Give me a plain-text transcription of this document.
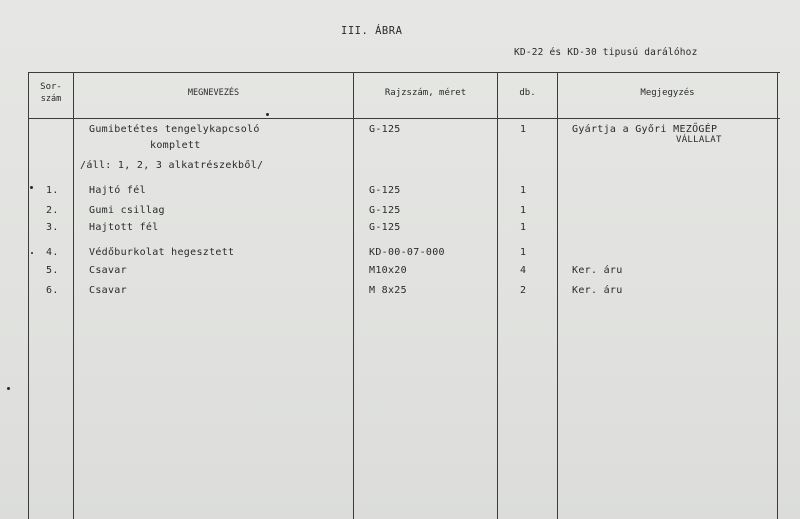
III. ÁBRA
KD-22 és KD-30 tipusú darálóhoz
Sor-
szám
MEGNEVEZÉS	Rajzszám, méret	db.	Megjegyzés
Gumibetétes tengelykapcsoló
komplett
/áll: 1, 2, 3 alkatrészekből/
G-125	1	Gyártja a Győri MEZŐGÉP
VÁLLALAT
1.	Hajtó fél	G-125	1
2.	Gumi csillag	G-125	1
3.	Hajtott fél	G-125	1
4.	Védőburkolat hegesztett	KD-00-07-000	1
5.	Csavar	M10x20	4	Ker. áru
6.	Csavar	M 8x25	2	Ker. áru
